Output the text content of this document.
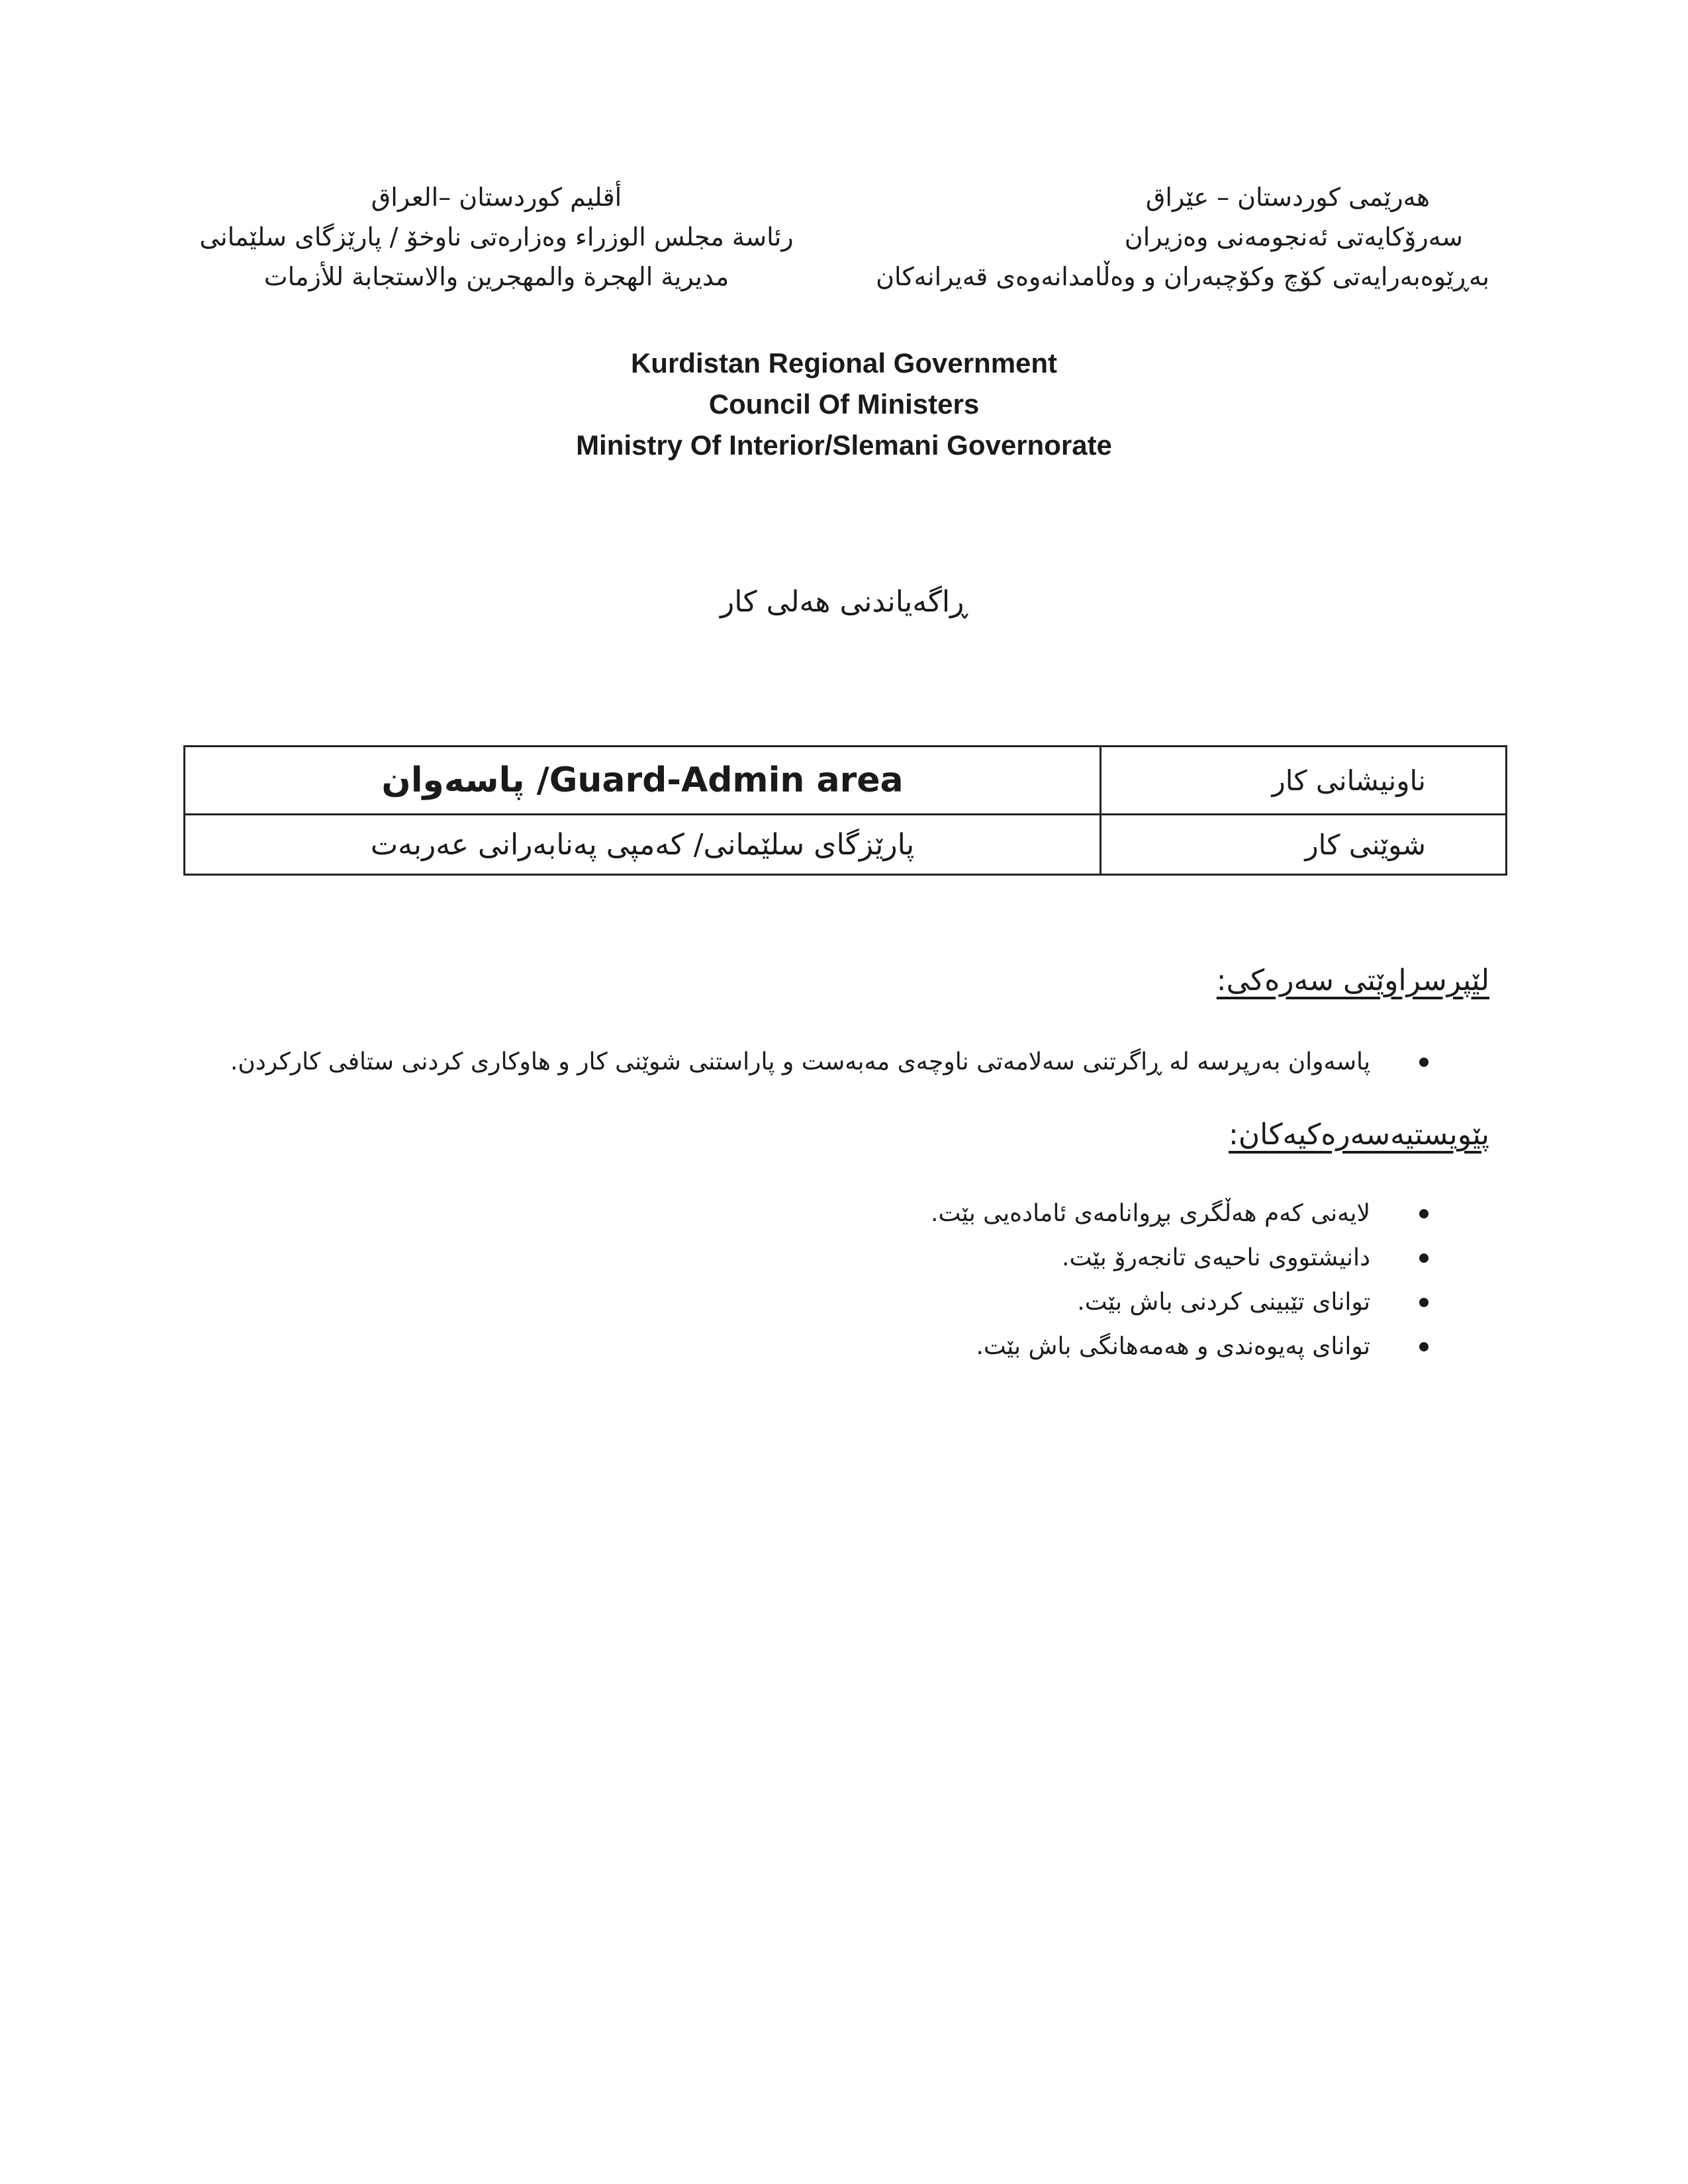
هەرێمی کوردستان – عێراق
سەرۆکایەتی ئەنجومەنی وەزیران
بەڕێوەبەرایەتی کۆچ وکۆچبەران و وەڵامدانەوەی قەیرانەکان
أقليم كوردستان –العراق
رئاسة مجلس الوزراء وەزارەتی ناوخۆ / پارێزگای سلێمانی
مديرية الهجرة والمهجرين والاستجابة للأزمات
Kurdistan Regional Government
Council Of Ministers
Ministry Of Interior/Slemani Governorate
ڕاگەیاندنی هەلی کار
ناونیشانی کار	Guard-Admin area/ پاسەوان
شوێنی کار	پارێزگای سلێمانی/ کەمپی پەنابەرانی عەربەت
لێپرسراوێتی سەرەکی:
پاسەوان بەرپرسە لە ڕاگرتنی سەلامەتی ناوچەی مەبەست و پاراستنی شوێنی کار و هاوکاری کردنی ستافی کارکردن.
پێویستیەسەرەکیەکان:
لایەنی کەم هەڵگری بڕوانامەی ئامادەیی بێت.
دانیشتووی ناحیەی تانجەرۆ بێت.
توانای تێبینی کردنی باش بێت.
توانای پەیوەندی و هەمەهانگی باش بێت.
